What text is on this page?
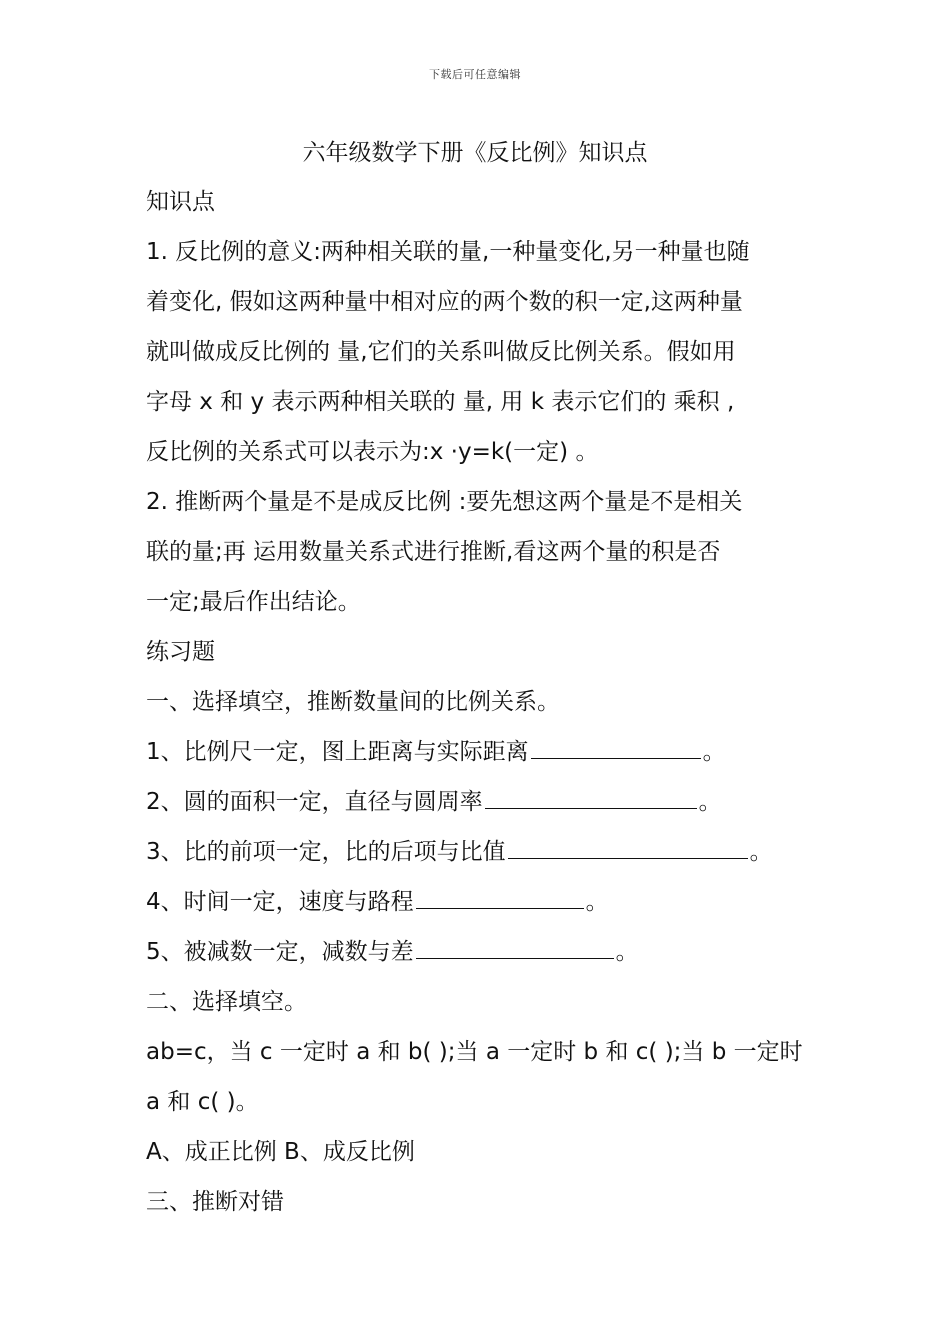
下载后可任意编辑
六年级数学下册《反比例》知识点
知识点
1. 反比例的意义:两种相关联的量,一种量变化,另一种量也随
着变化, 假如这两种量中相对应的两个数的积一定,这两种量
就叫做成反比例的 量,它们的关系叫做反比例关系。假如用
字母 x 和 y 表示两种相关联的 量, 用 k 表示它们的 乘积 ,
反比例的关系式可以表示为:x ·y=k(一定) 。
2. 推断两个量是不是成反比例 :要先想这两个量是不是相关
联的量;再 运用数量关系式进行推断,看这两个量的积是否
一定;最后作出结论。
练习题
一、选择填空，推断数量间的比例关系。
1、比例尺一定，图上距离与实际距离	。
2、圆的面积一定，直径与圆周率	。
3、比的前项一定，比的后项与比值	。
4、时间一定，速度与路程	。
5、被减数一定，减数与差	。
二、选择填空。
ab=c，当 c 一定时 a 和 b( );当 a 一定时 b 和 c( );当 b 一定时
a 和 c( )。
A、成正比例 B、成反比例
三、推断对错
